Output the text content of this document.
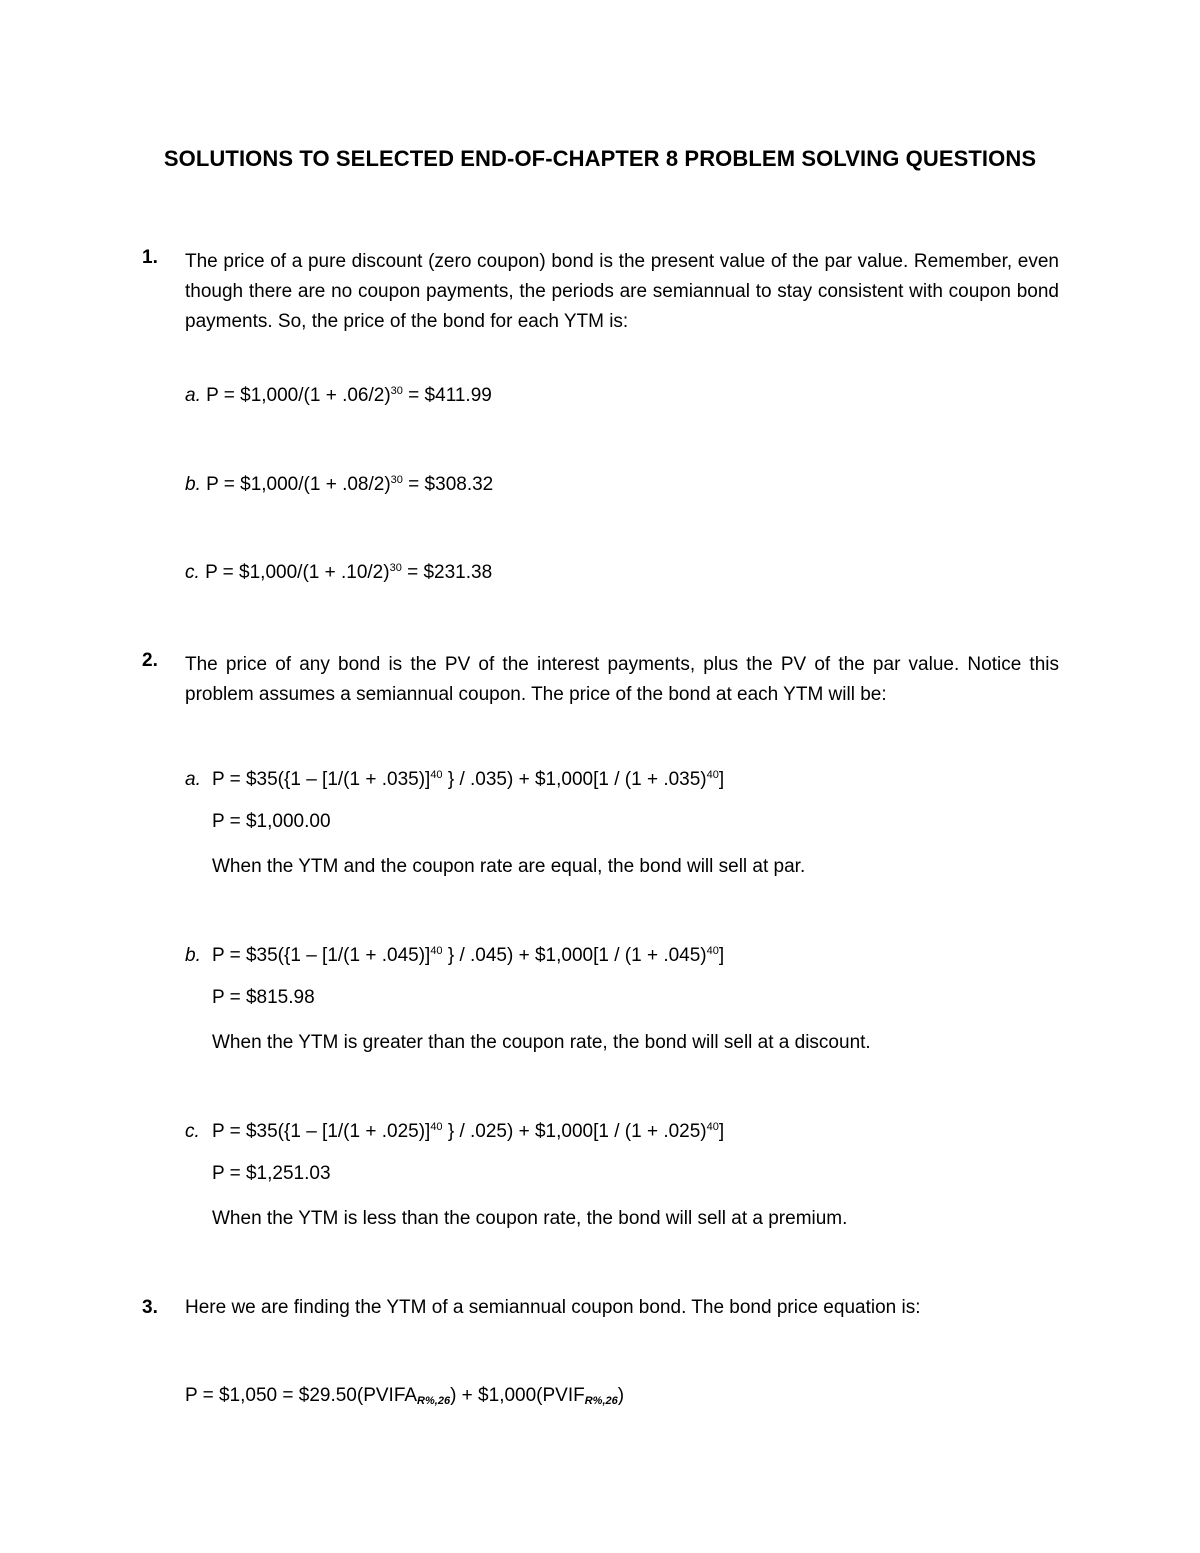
SOLUTIONS TO SELECTED END-OF-CHAPTER 8 PROBLEM SOLVING QUESTIONS
1. The price of a pure discount (zero coupon) bond is the present value of the par value. Remember, even though there are no coupon payments, the periods are semiannual to stay consistent with coupon bond payments. So, the price of the bond for each YTM is:
a. P = $1,000/(1 + .06/2)$^{30}$ = $411.99
b. P = $1,000/(1 + .08/2)$^{30}$ = $308.32
c. P = $1,000/(1 + .10/2)$^{30}$ = $231.38
2. The price of any bond is the PV of the interest payments, plus the PV of the par value. Notice this problem assumes a semiannual coupon. The price of the bond at each YTM will be:
a. P = $35({1 – $[1/(1 + .035)]^{40}$ } / .035) + $1,000[1 / $(1 + .035)^{40}$]
P = $1,000.00
When the YTM and the coupon rate are equal, the bond will sell at par.
b. P = $35({1 – $[1/(1 + .045)]^{40}$ } / .045) + $1,000[1 / $(1 + .045)^{40}$]
P = $815.98
When the YTM is greater than the coupon rate, the bond will sell at a discount.
c. P = $35({1 – $[1/(1 + .025)]^{40}$ } / .025) + $1,000[1 / $(1 + .025)^{40}$]
P = $1,251.03
When the YTM is less than the coupon rate, the bond will sell at a premium.
3. Here we are finding the YTM of a semiannual coupon bond. The bond price equation is:
P = $1,050 = $\$29.50(PVIFA_{R\%,26})$ + $\$1,000(PVIF_{R\%,26})$
